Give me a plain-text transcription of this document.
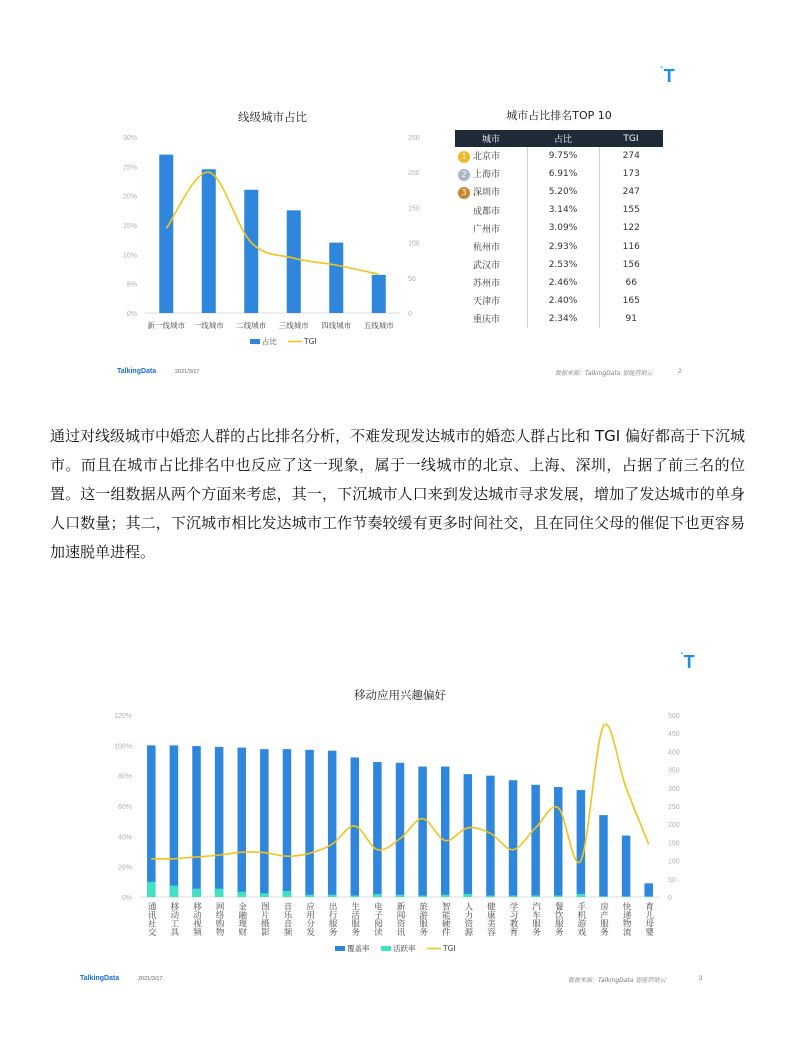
●T
线级城市占比
0%
5%
10%
15%
20%
25%
30%
0
50
100
150
200
250
新一线城市 一线城市 二线城市 三线城市 四线城市 五线城市
占比	TGI
城市占比排名TOP 10
城市	占比	TGI
1 北京市	9.75%	274
2 上海市	6.91%	173
3 深圳市	5.20%	247
成都市	3.14%	155
广州市	3.09%	122
杭州市	2.93%	116
武汉市	2.53%	156
苏州市	2.46%	66
天津市	2.40%	165
重庆市	2.34%	91
TalkingData	2021/3/17	数据来源：TalkingData 智能营销云	2
通过对线级城市中婚恋人群的占比排名分析，不难发现发达城市的婚恋人群占比和 TGI 偏好都高于下沉城市。而且在城市占比排名中也反应了这一现象，属于一线城市的北京、上海、深圳，占据了前三名的位置。这一组数据从两个方面来考虑，其一，下沉城市人口来到发达城市寻求发展，增加了发达城市的单身人口数量；其二，下沉城市相比发达城市工作节奏较缓有更多时间社交，且在同住父母的催促下也更容易加速脱单进程。
●T
移动应用兴趣偏好
0%
20%
40%
60%
80%
100%
120%
0
50
100
150
200
250
300
350
400
450
500
通讯社交 移动工具 移动视频 网络购物 金融理财 图片摄影 音乐音频 应用分发 出行服务 生活服务 电子阅读 新闻资讯 旅游服务 智能硬件 人力资源 健康美容 学习教育 汽车服务 餐饮服务 手机游戏 房产服务 快递物流 育儿母婴
覆盖率	活跃率	TGI
TalkingData	2021/3/17	数据来源：TalkingData 智能营销云	3
